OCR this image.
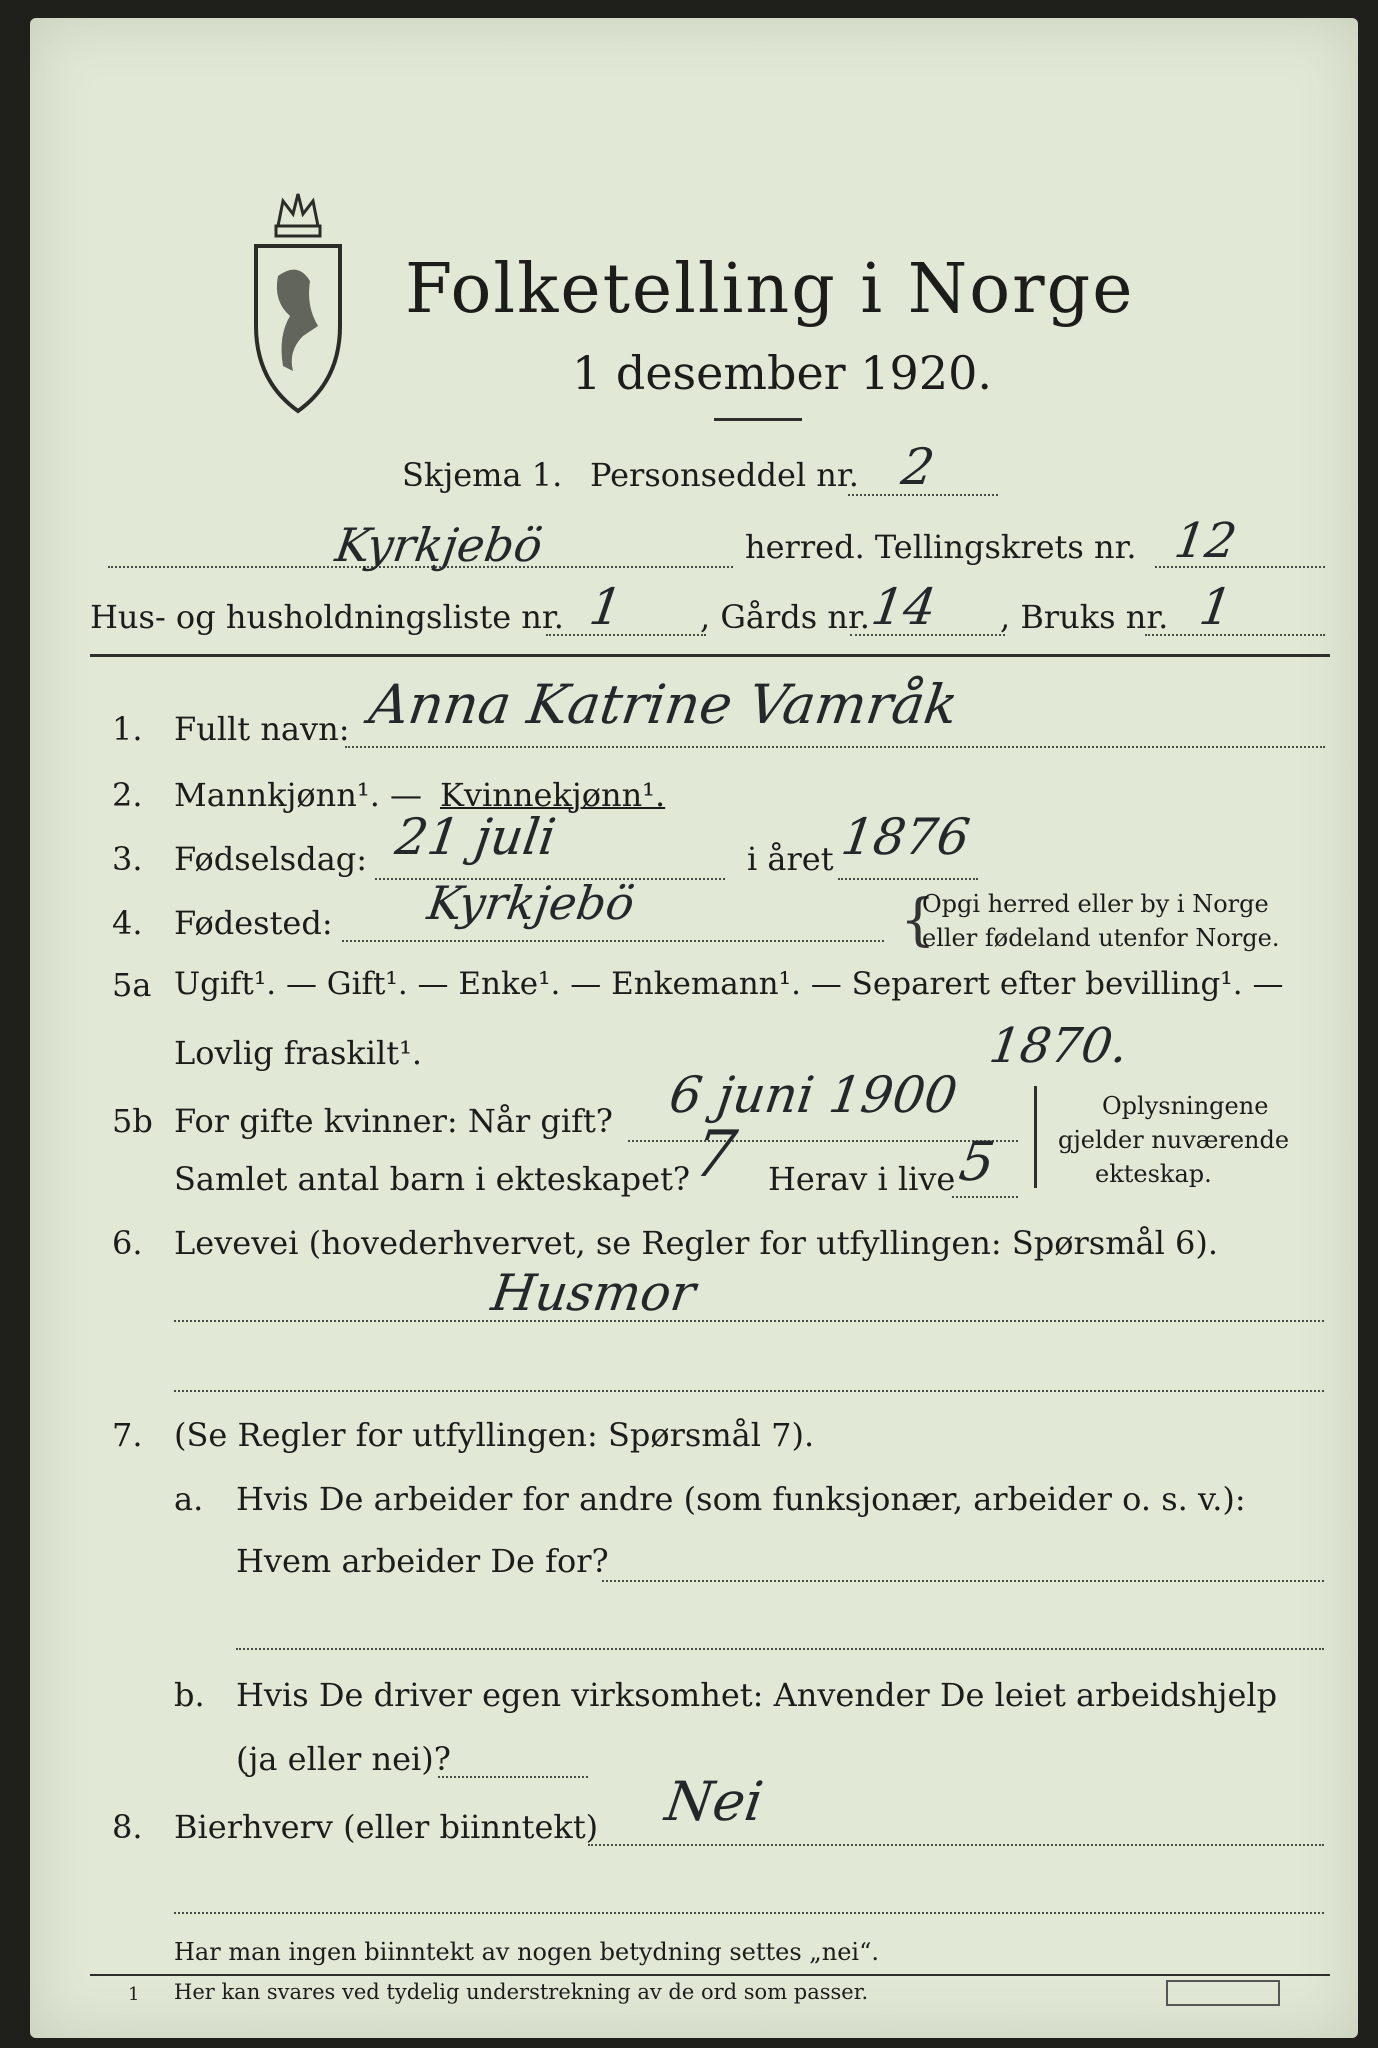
Folketelling i Norge
1 desember 1920.
Skjema 1. Personseddel nr. 2
Kyrkjebö	herred. Tellingskrets nr. 12
Hus- og husholdningsliste nr. 1 , Gårds nr.
14 , Bruks nr. 1
1. Fullt navn: Anna Katrine Vamråk
2. Mannkjønn¹. — Kvinnekjønn¹.
3. Fødselsdag: 21 juli	i året 1876
4. Fødested: Kyrkjebö	{
Opgi herred eller by i Norge
eller fødeland utenfor Norge.
5a Ugift¹. — Gift¹. — Enke¹. — Enkemann¹. — Separert efter bevilling¹. —
Lovlig fraskilt¹.	1870.
5b For gifte kvinner: Når gift? 6 juni 1900
Samlet antal barn i ekteskapet? 7 Herav i live 5
Oplysningene
gjelder nuværende
ekteskap.
6. Levevei (hovederhvervet, se Regler for utfyllingen: Spørsmål 6).
Husmor
7. (Se Regler for utfyllingen: Spørsmål 7).
a. Hvis De arbeider for andre (som funksjonær, arbeider o. s. v.):
Hvem arbeider De for?
b. Hvis De driver egen virksomhet: Anvender De leiet arbeidshjelp
(ja eller nei)?
8. Bierhverv (eller biinntekt) Nei
Har man ingen biinntekt av nogen betydning settes „nei“.
1 Her kan svares ved tydelig understrekning av de ord som passer.
